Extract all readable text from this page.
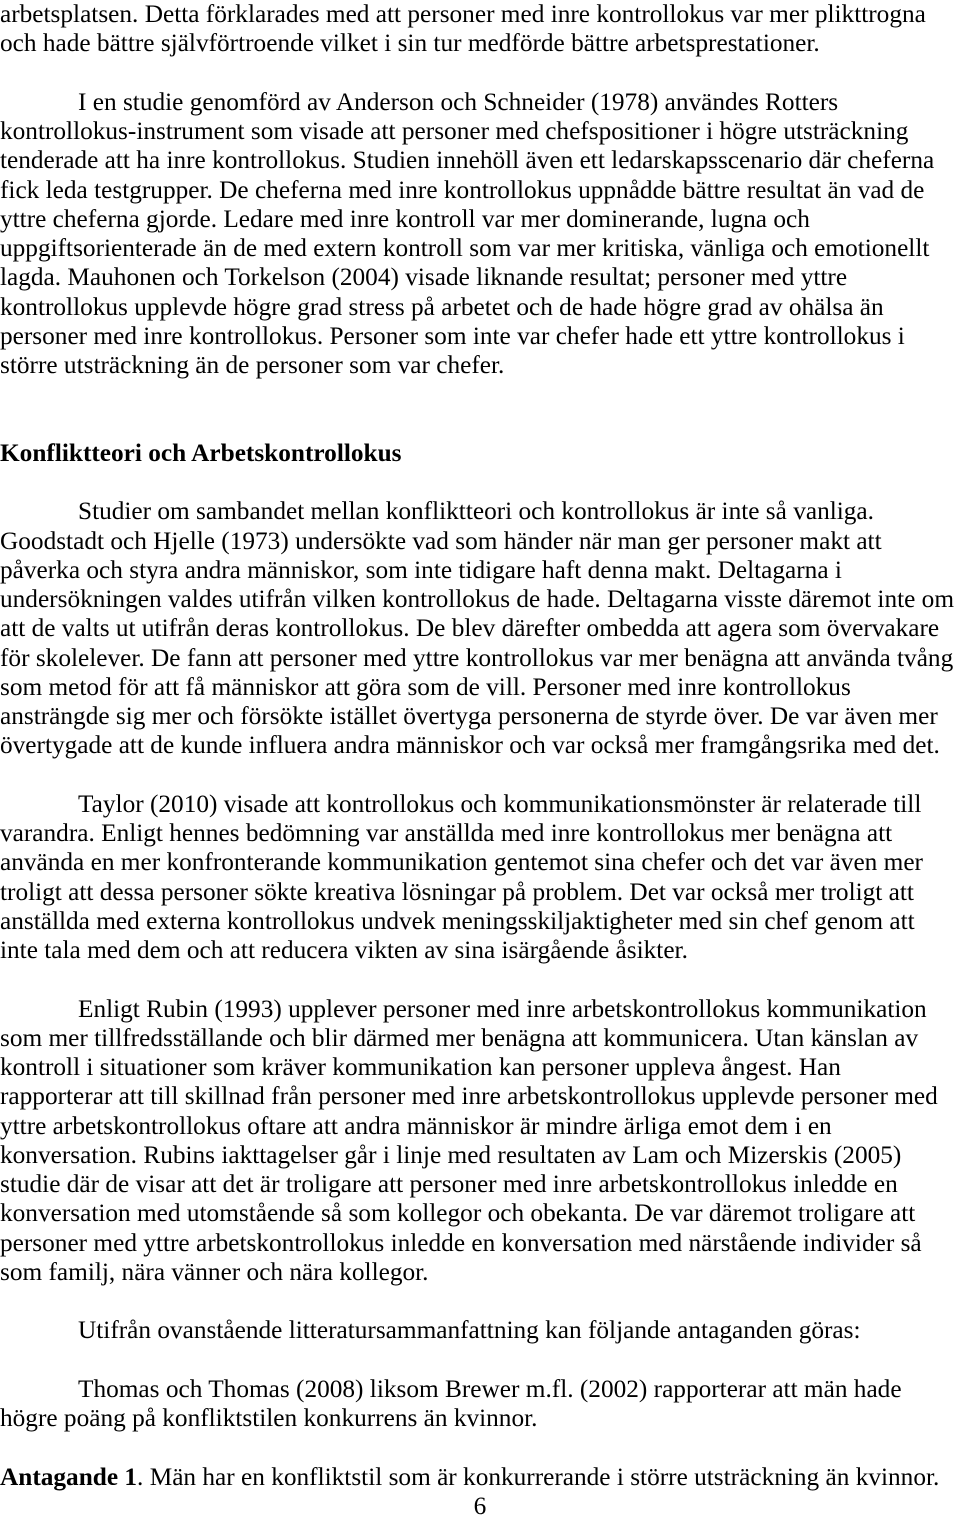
arbetsplatsen. Detta förklarades med att personer med inre kontrollokus var mer plikttrogna
och hade bättre självförtroende vilket i sin tur medförde bättre arbetsprestationer.
I en studie genomförd av Anderson och Schneider (1978) användes Rotters
kontrollokus-instrument som visade att personer med chefspositioner i högre utsträckning
tenderade att ha inre kontrollokus. Studien innehöll även ett ledarskapsscenario där cheferna
fick leda testgrupper. De cheferna med inre kontrollokus uppnådde bättre resultat än vad de
yttre cheferna gjorde. Ledare med inre kontroll var mer dominerande, lugna och
uppgiftsorienterade än de med extern kontroll som var mer kritiska, vänliga och emotionellt
lagda. Mauhonen och Torkelson (2004) visade liknande resultat; personer med yttre
kontrollokus upplevde högre grad stress på arbetet och de hade högre grad av ohälsa än
personer med inre kontrollokus. Personer som inte var chefer hade ett yttre kontrollokus i
större utsträckning än de personer som var chefer.
Konfliktteori och Arbetskontrollokus
Studier om sambandet mellan konfliktteori och kontrollokus är inte så vanliga.
Goodstadt och Hjelle (1973) undersökte vad som händer när man ger personer makt att
påverka och styra andra människor, som inte tidigare haft denna makt. Deltagarna i
undersökningen valdes utifrån vilken kontrollokus de hade. Deltagarna visste däremot inte om
att de valts ut utifrån deras kontrollokus. De blev därefter ombedda att agera som övervakare
för skolelever. De fann att personer med yttre kontrollokus var mer benägna att använda tvång
som metod för att få människor att göra som de vill. Personer med inre kontrollokus
ansträngde sig mer och försökte istället övertyga personerna de styrde över. De var även mer
övertygade att de kunde influera andra människor och var också mer framgångsrika med det.
Taylor (2010) visade att kontrollokus och kommunikationsmönster är relaterade till
varandra. Enligt hennes bedömning var anställda med inre kontrollokus mer benägna att
använda en mer konfronterande kommunikation gentemot sina chefer och det var även mer
troligt att dessa personer sökte kreativa lösningar på problem. Det var också mer troligt att
anställda med externa kontrollokus undvek meningsskiljaktigheter med sin chef genom att
inte tala med dem och att reducera vikten av sina isärgående åsikter.
Enligt Rubin (1993) upplever personer med inre arbetskontrollokus kommunikation
som mer tillfredsställande och blir därmed mer benägna att kommunicera. Utan känslan av
kontroll i situationer som kräver kommunikation kan personer uppleva ångest. Han
rapporterar att till skillnad från personer med inre arbetskontrollokus upplevde personer med
yttre arbetskontrollokus oftare att andra människor är mindre ärliga emot dem i en
konversation. Rubins iakttagelser går i linje med resultaten av Lam och Mizerskis (2005)
studie där de visar att det är troligare att personer med inre arbetskontrollokus inledde en
konversation med utomstående så som kollegor och obekanta. De var däremot troligare att
personer med yttre arbetskontrollokus inledde en konversation med närstående individer så
som familj, nära vänner och nära kollegor.
Utifrån ovanstående litteratursammanfattning kan följande antaganden göras:
Thomas och Thomas (2008) liksom Brewer m.fl. (2002) rapporterar att män hade
högre poäng på konfliktstilen konkurrens än kvinnor.
Antagande 1. Män har en konfliktstil som är konkurrerande i större utsträckning än kvinnor.
6
